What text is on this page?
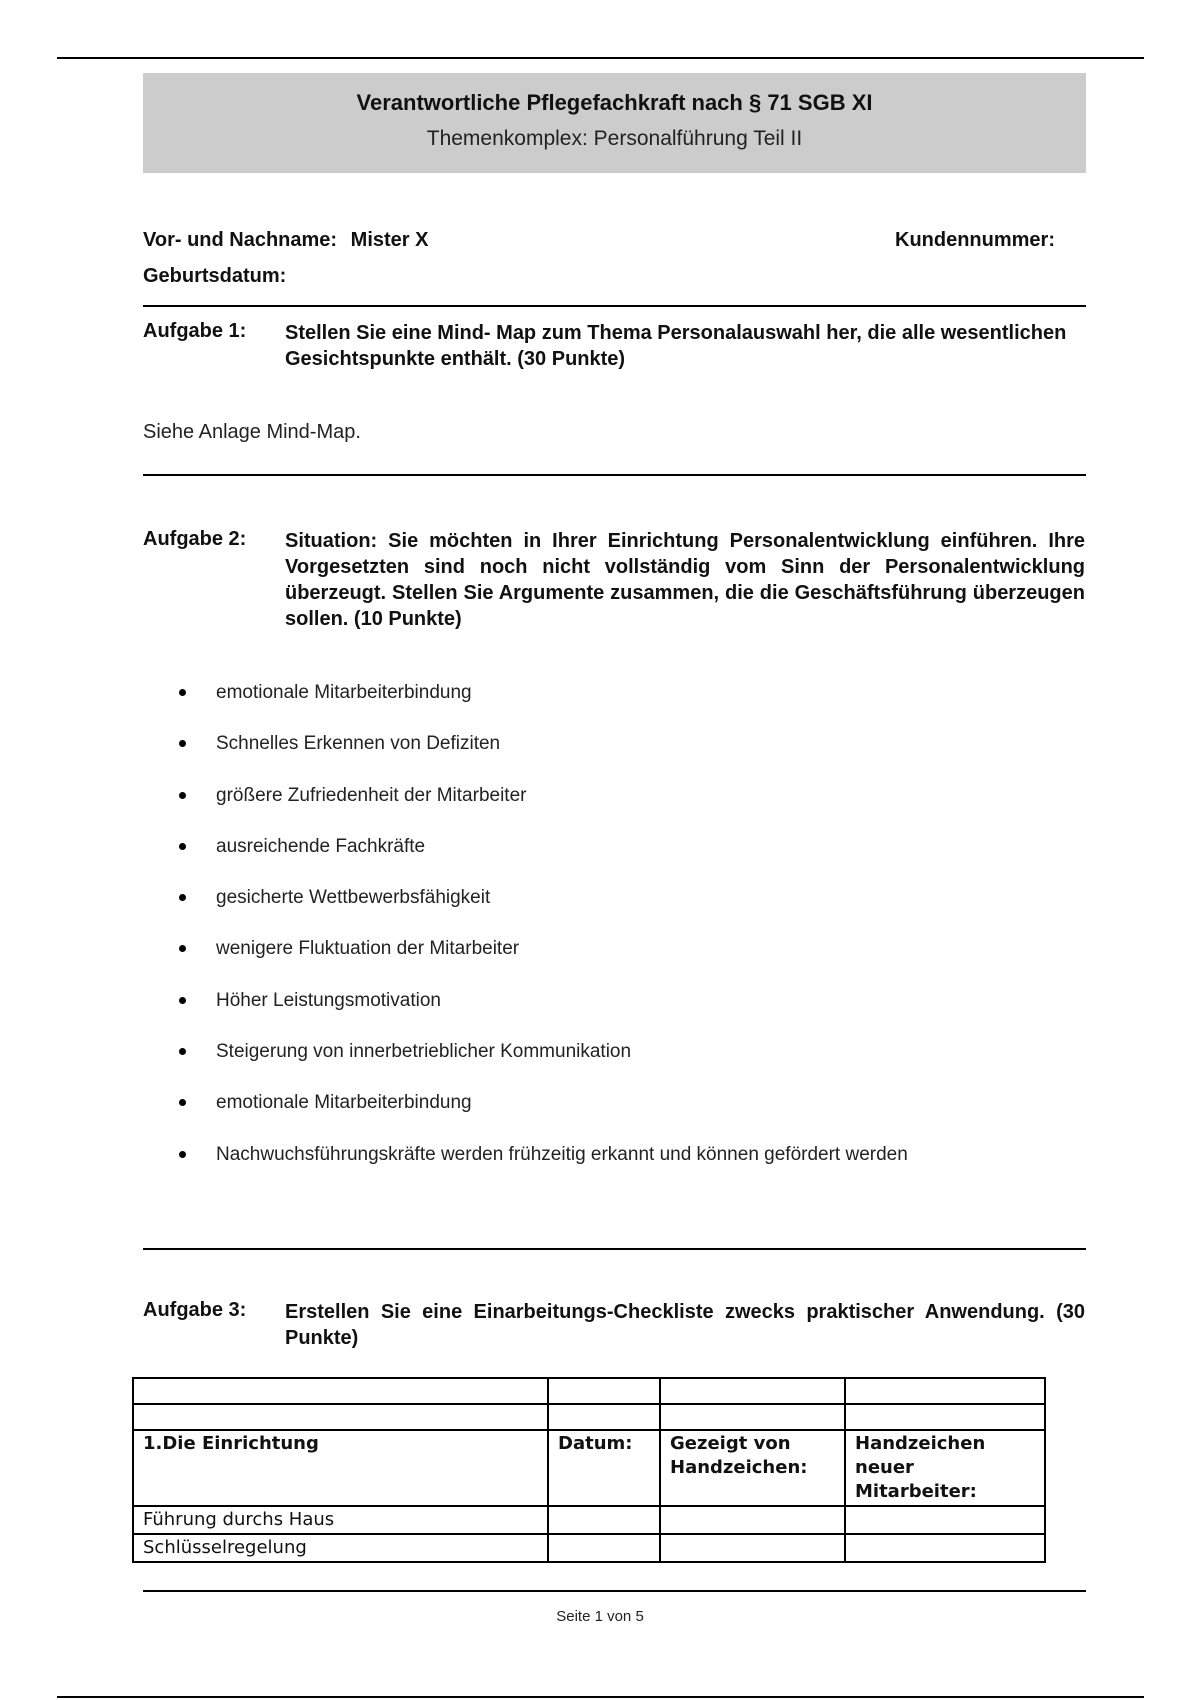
Verantwortliche Pflegefachkraft nach § 71 SGB XI
Themenkomplex: Personalführung Teil II
Vor- und Nachname: Mister X	Kundennummer:
Geburtsdatum:
Aufgabe 1: Stellen Sie eine Mind- Map zum Thema Personalauswahl her, die alle wesentlichen Gesichtspunkte enthält. (30 Punkte)
Siehe Anlage Mind-Map.
Aufgabe 2: Situation: Sie möchten in Ihrer Einrichtung Personalentwicklung einführen. Ihre Vorgesetzten sind noch nicht vollständig vom Sinn der Personalentwicklung überzeugt. Stellen Sie Argumente zusammen, die die Geschäftsführung überzeugen sollen. (10 Punkte)
emotionale Mitarbeiterbindung
Schnelles Erkennen von Defiziten
größere Zufriedenheit der Mitarbeiter
ausreichende Fachkräfte
gesicherte Wettbewerbsfähigkeit
wenigere Fluktuation der Mitarbeiter
Höher Leistungsmotivation
Steigerung von innerbetrieblicher Kommunikation
emotionale Mitarbeiterbindung
Nachwuchsführungskräfte werden frühzeitig erkannt und können gefördert werden
Aufgabe 3: Erstellen Sie eine Einarbeitungs-Checkliste zwecks praktischer Anwendung. (30 Punkte)

1.Die Einrichtung	Datum:	Gezeigt von Handzeichen:	Handzeichen neuer Mitarbeiter:
Führung durchs Haus			
Schlüsselregelung			
Seite 1 von 5
